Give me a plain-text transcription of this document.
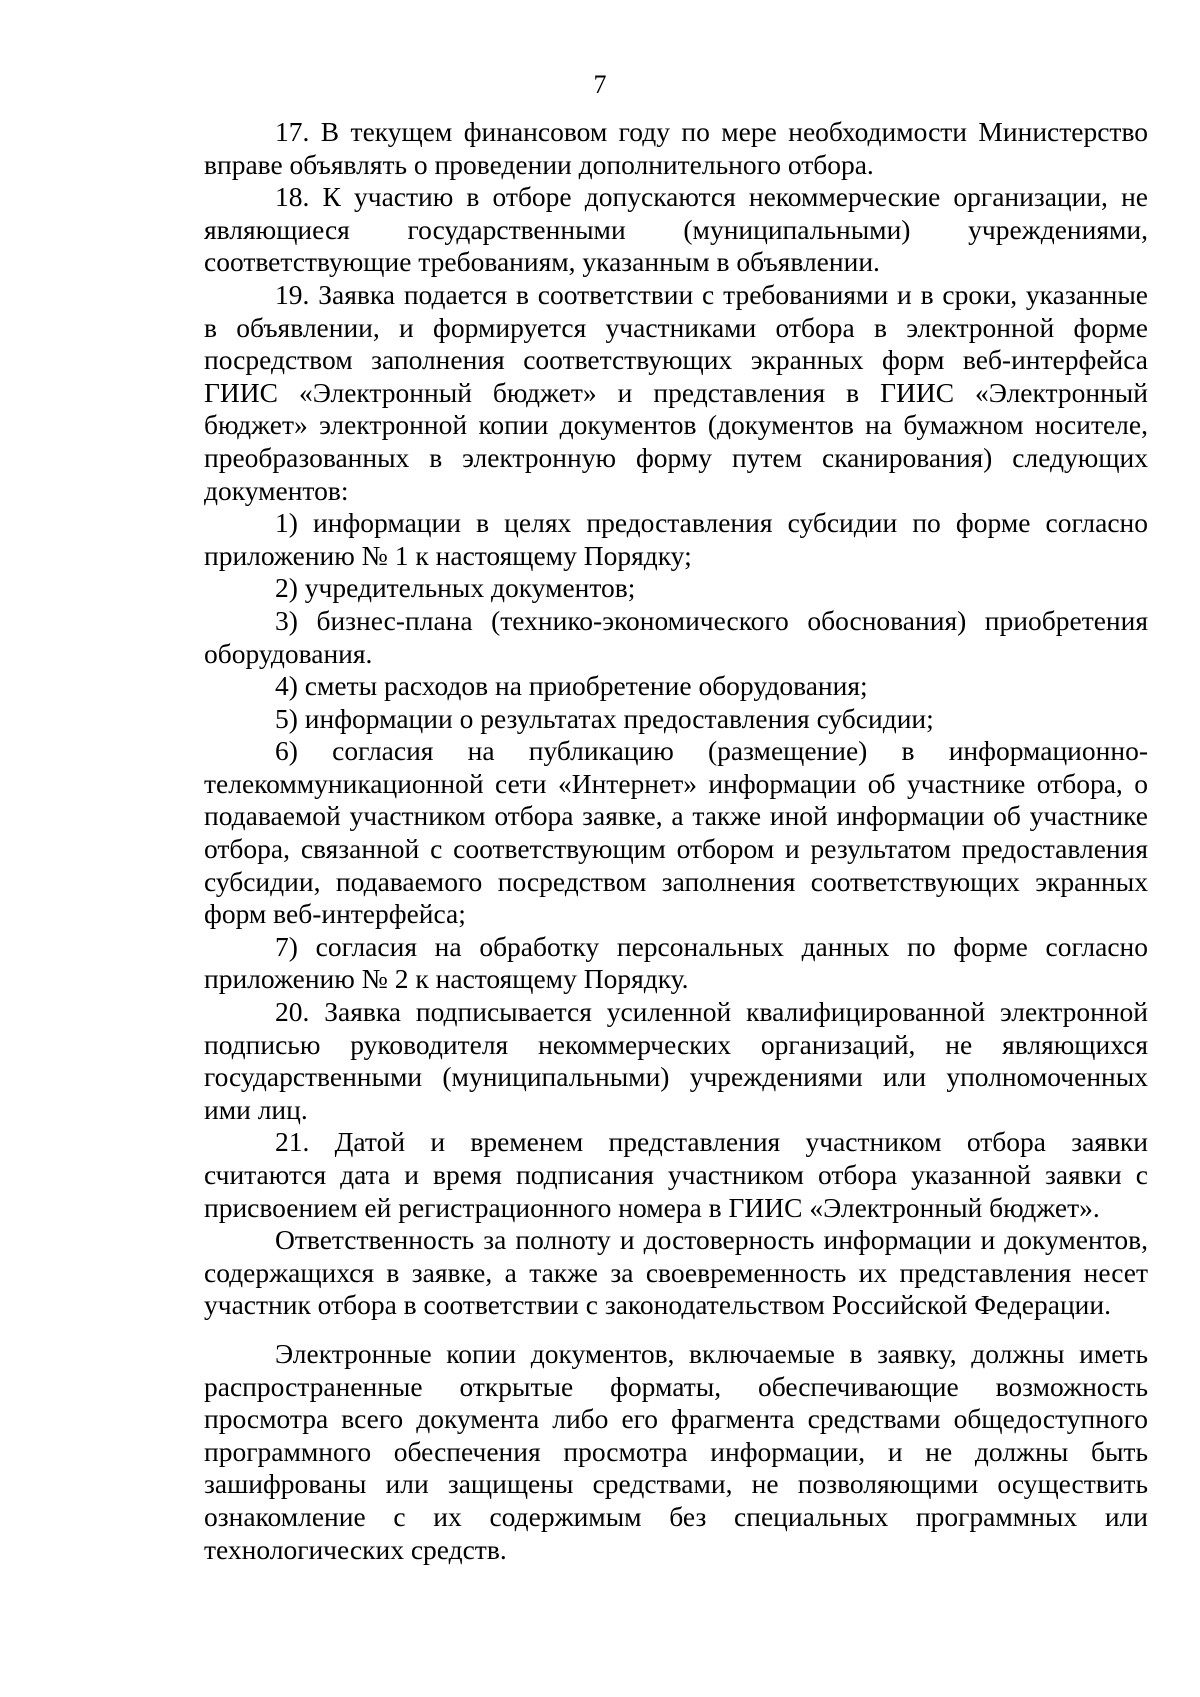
7

17. В текущем финансовом году по мере необходимости Министерство вправе объявлять о проведении дополнительного отбора.

18. К участию в отборе допускаются некоммерческие организации, не являющиеся государственными (муниципальными) учреждениями, соответствующие требованиям, указанным в объявлении.

19. Заявка подается в соответствии с требованиями и в сроки, указанные в объявлении, и формируется участниками отбора в электронной форме посредством заполнения соответствующих экранных форм веб-интерфейса ГИИС «Электронный бюджет» и представления в ГИИС «Электронный бюджет» электронной копии документов (документов на бумажном носителе, преобразованных в электронную форму путем сканирования) следующих документов:

1) информации в целях предоставления субсидии по форме согласно приложению № 1 к настоящему Порядку;

2) учредительных документов;

3) бизнес-плана (технико-экономического обоснования) приобретения оборудования.

4) сметы расходов на приобретение оборудования;

5) информации о результатах предоставления субсидии;

6) согласия на публикацию (размещение) в информационно-телекоммуникационной сети «Интернет» информации об участнике отбора, о подаваемой участником отбора заявке, а также иной информации об участнике отбора, связанной с соответствующим отбором и результатом предоставления субсидии, подаваемого посредством заполнения соответствующих экранных форм веб-интерфейса;

7) согласия на обработку персональных данных по форме согласно приложению № 2 к настоящему Порядку.

20. Заявка подписывается усиленной квалифицированной электронной подписью руководителя некоммерческих организаций, не являющихся государственными (муниципальными) учреждениями или уполномоченных ими лиц.

21. Датой и временем представления участником отбора заявки считаются дата и время подписания участником отбора указанной заявки с присвоением ей регистрационного номера в ГИИС «Электронный бюджет».

Ответственность за полноту и достоверность информации и документов, содержащихся в заявке, а также за своевременность их представления несет участник отбора в соответствии с законодательством Российской Федерации.

Электронные копии документов, включаемые в заявку, должны иметь распространенные открытые форматы, обеспечивающие возможность просмотра всего документа либо его фрагмента средствами общедоступного программного обеспечения просмотра информации, и не должны быть зашифрованы или защищены средствами, не позволяющими осуществить ознакомление с их содержимым без специальных программных или технологических средств.
